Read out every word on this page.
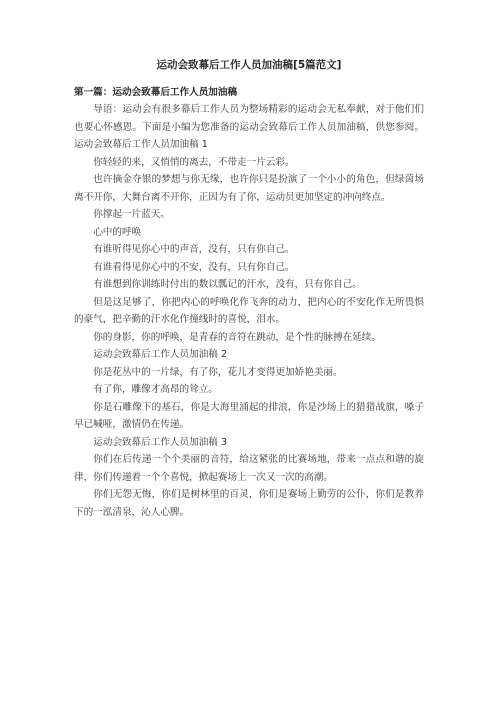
运动会致幕后工作人员加油稿[5篇范文]
第一篇：运动会致幕后工作人员加油稿

导语：运动会有很多幕后工作人员为整场精彩的运动会无私奉献，对于他们们也要心怀感恩。下面是小编为您准备的运动会致幕后工作人员加油稿，供您参阅。运动会致幕后工作人员加油稿 1

你轻轻的来，又悄悄的离去，不带走一片云彩。

也许摘金夺银的梦想与你无缘，也许你只是扮演了一个小小的角色，但绿茵场离不开你，大舞台离不开你，正因为有了你，运动员更加坚定的冲向终点。

你撑起一片蓝天。

心中的呼唤

有谁听得见你心中的声音，没有，只有你自己。

有谁看得见你心中的不安，没有，只有你自己。

有谁想到你训练时付出的数以瓢记的汗水，没有，只有你自己。

但是这足够了，你把内心的呼唤化作飞奔的动力，把内心的不安化作无所畏惧的豪气，把辛勤的汗水化作撞线时的喜悦，泪水。

你的身影，你的呼唤，是青春的音符在跳动，是个性的脉搏在延续。

运动会致幕后工作人员加油稿 2

你是花丛中的一片绿，有了你，花儿才变得更加娇艳美丽。

有了你，雕像才高昂的耸立。

你是石雕像下的基石，你是大海里涌起的排浪，你是沙场上的猎猎战旗，嗓子早已喊哑，激情仍在传递。

运动会致幕后工作人员加油稿 3

你们在后传递一个个美丽的音符，给这紧张的比赛场地，带来一点点和谐的旋律，你们传递着一个个喜悦，掀起赛场上一次又一次的高潮。

你们无怨无悔，你们是树林里的百灵，你们是赛场上勤劳的公仆，你们是教养下的一泓清泉，沁人心脾。
